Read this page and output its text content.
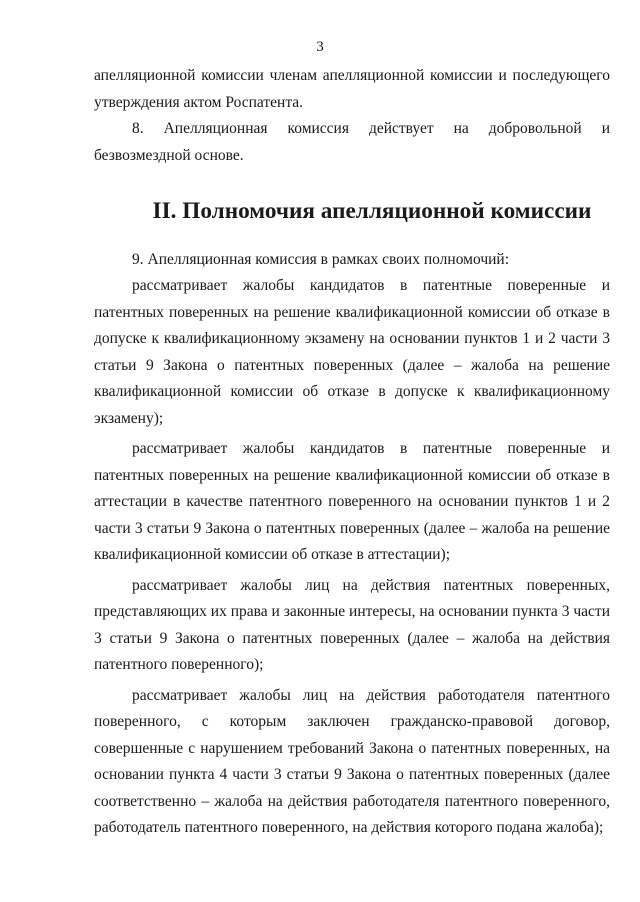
3

апелляционной комиссии членам апелляционной комиссии и последующего утверждения актом Роспатента.

8. Апелляционная комиссия действует на добровольной и безвозмездной основе.

II. Полномочия апелляционной комиссии

9. Апелляционная комиссия в рамках своих полномочий:

рассматривает жалобы кандидатов в патентные поверенные и патентных поверенных на решение квалификационной комиссии об отказе в допуске к квалификационному экзамену на основании пунктов 1 и 2 части 3 статьи 9 Закона о патентных поверенных (далее – жалоба на решение квалификационной комиссии об отказе в допуске к квалификационному экзамену);

рассматривает жалобы кандидатов в патентные поверенные и патентных поверенных на решение квалификационной комиссии об отказе в аттестации в качестве патентного поверенного на основании пунктов 1 и 2 части 3 статьи 9 Закона о патентных поверенных (далее – жалоба на решение квалификационной комиссии об отказе в аттестации);

рассматривает жалобы лиц на действия патентных поверенных, представляющих их права и законные интересы, на основании пункта 3 части 3 статьи 9 Закона о патентных поверенных (далее – жалоба на действия патентного поверенного);

рассматривает жалобы лиц на действия работодателя патентного поверенного, с которым заключен гражданско-правовой договор, совершенные с нарушением требований Закона о патентных поверенных, на основании пункта 4 части 3 статьи 9 Закона о патентных поверенных (далее соответственно – жалоба на действия работодателя патентного поверенного, работодатель патентного поверенного, на действия которого подана жалоба);
